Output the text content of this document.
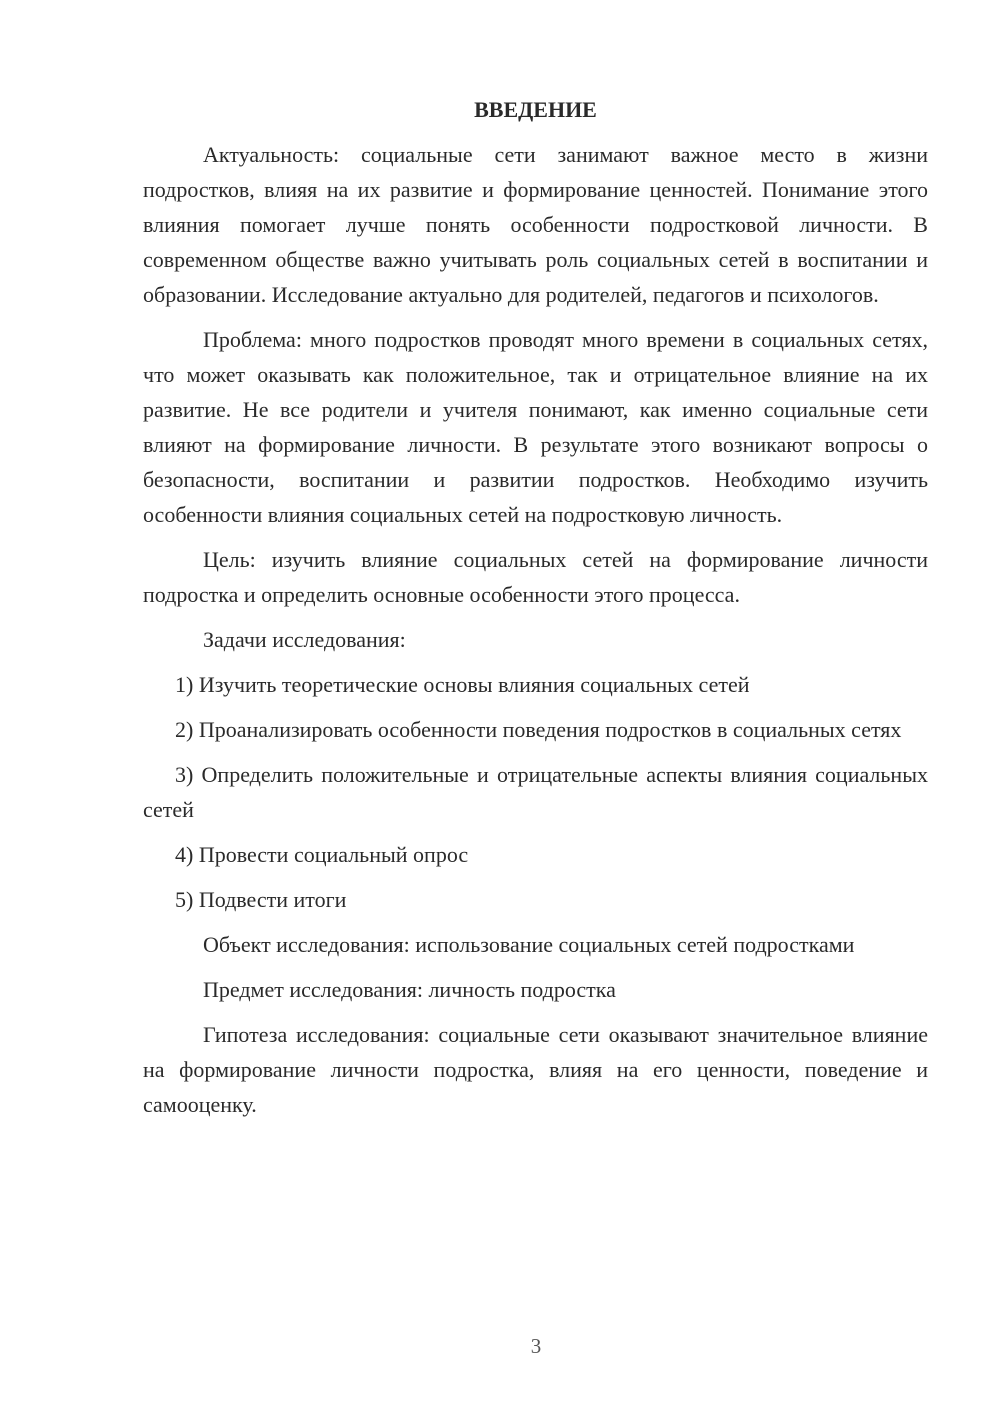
ВВЕДЕНИЕ

Актуальность: социальные сети занимают важное место в жизни подростков, влияя на их развитие и формирование ценностей. Понимание этого влияния помогает лучше понять особенности подростковой личности. В современном обществе важно учитывать роль социальных сетей в воспитании и образовании. Исследование актуально для родителей, педагогов и психологов.

Проблема: много подростков проводят много времени в социальных сетях, что может оказывать как положительное, так и отрицательное влияние на их развитие. Не все родители и учителя понимают, как именно социальные сети влияют на формирование личности. В результате этого возникают вопросы о безопасности, воспитании и развитии подростков. Необходимо изучить особенности влияния социальных сетей на подростковую личность.

Цель: изучить влияние социальных сетей на формирование личности подростка и определить основные особенности этого процесса.

Задачи исследования:

1) Изучить теоретические основы влияния социальных сетей

2) Проанализировать особенности поведения подростков в социальных сетях

3) Определить положительные и отрицательные аспекты влияния социальных сетей

4) Провести социальный опрос

5) Подвести итоги

Объект исследования: использование социальных сетей подростками

Предмет исследования: личность подростка

Гипотеза исследования: социальные сети оказывают значительное влияние на формирование личности подростка, влияя на его ценности, поведение и самооценку.

3
